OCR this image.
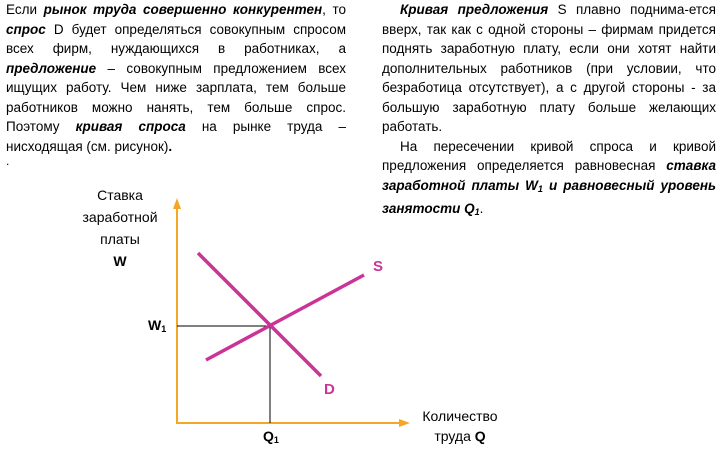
Если рынок труда совершенно конкурентен, то спрос D будет определяться совокупным спросом всех фирм, нуждающихся в работниках, а предложение – совокупным предложением всех ищущих работу. Чем ниже зарплата, тем больше работников можно нанять, тем больше спрос. Поэтому кривая спроса на рынке труда – нисходящая (см. рисунок).

.

Кривая предложения S плавно поднима-ется вверх, так как с одной стороны – фирмам придется поднять заработную плату, если они хотят найти дополнительных работников (при условии, что безработица отсутствует), а с другой стороны - за большую заработную плату больше желающих работать.

На пересечении кривой спроса и кривой предложения определяется равновесная ставка заработной платы $W_1$ и равновесный уровень занятости $Q_1$.

Ставка
заработной
платы
W
Количество
труда Q
$W_1$
$Q_1$
S
D
